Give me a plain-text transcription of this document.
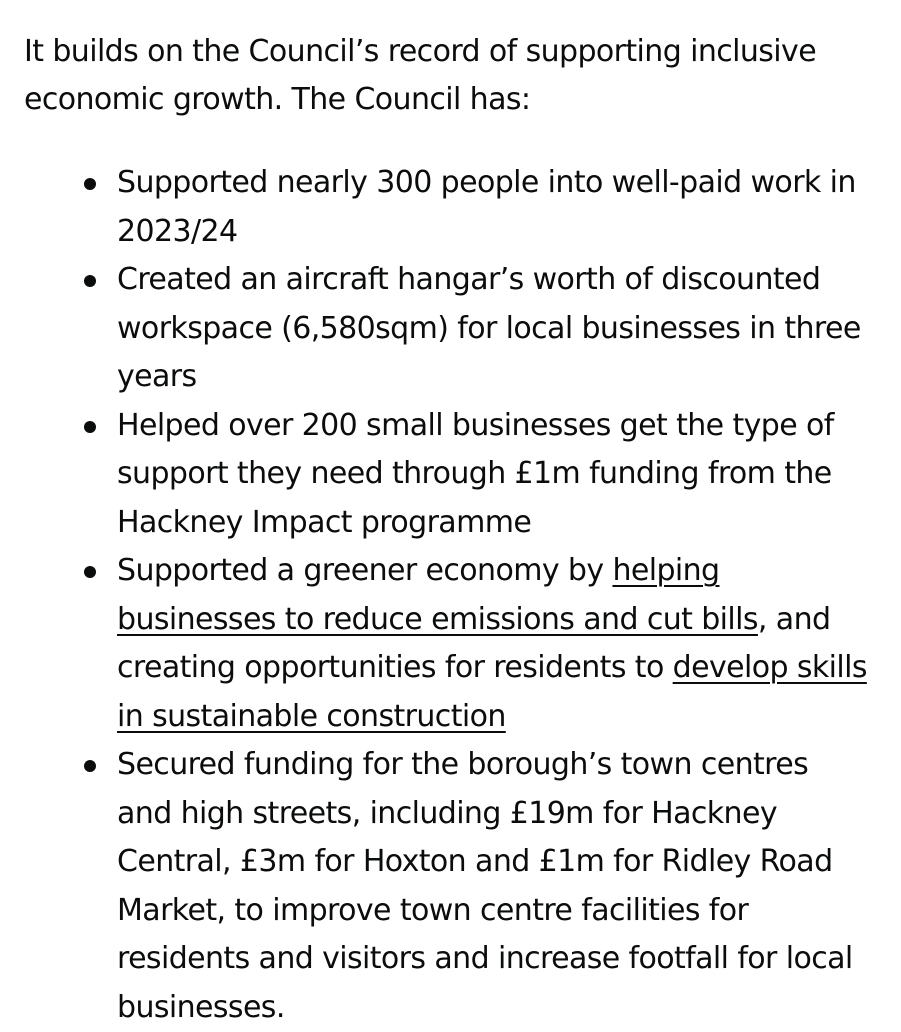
It builds on the Council’s record of supporting inclusive economic growth. The Council has:

Supported nearly 300 people into well-paid work in 2023/24
Created an aircraft hangar’s worth of discounted workspace (6,580sqm) for local businesses in three years
Helped over 200 small businesses get the type of support they need through £1m funding from the Hackney Impact programme
Supported a greener economy by helping businesses to reduce emissions and cut bills, and creating opportunities for residents to develop skills in sustainable construction
Secured funding for the borough’s town centres and high streets, including £19m for Hackney Central, £3m for Hoxton and £1m for Ridley Road Market, to improve town centre facilities for residents and visitors and increase footfall for local businesses.
